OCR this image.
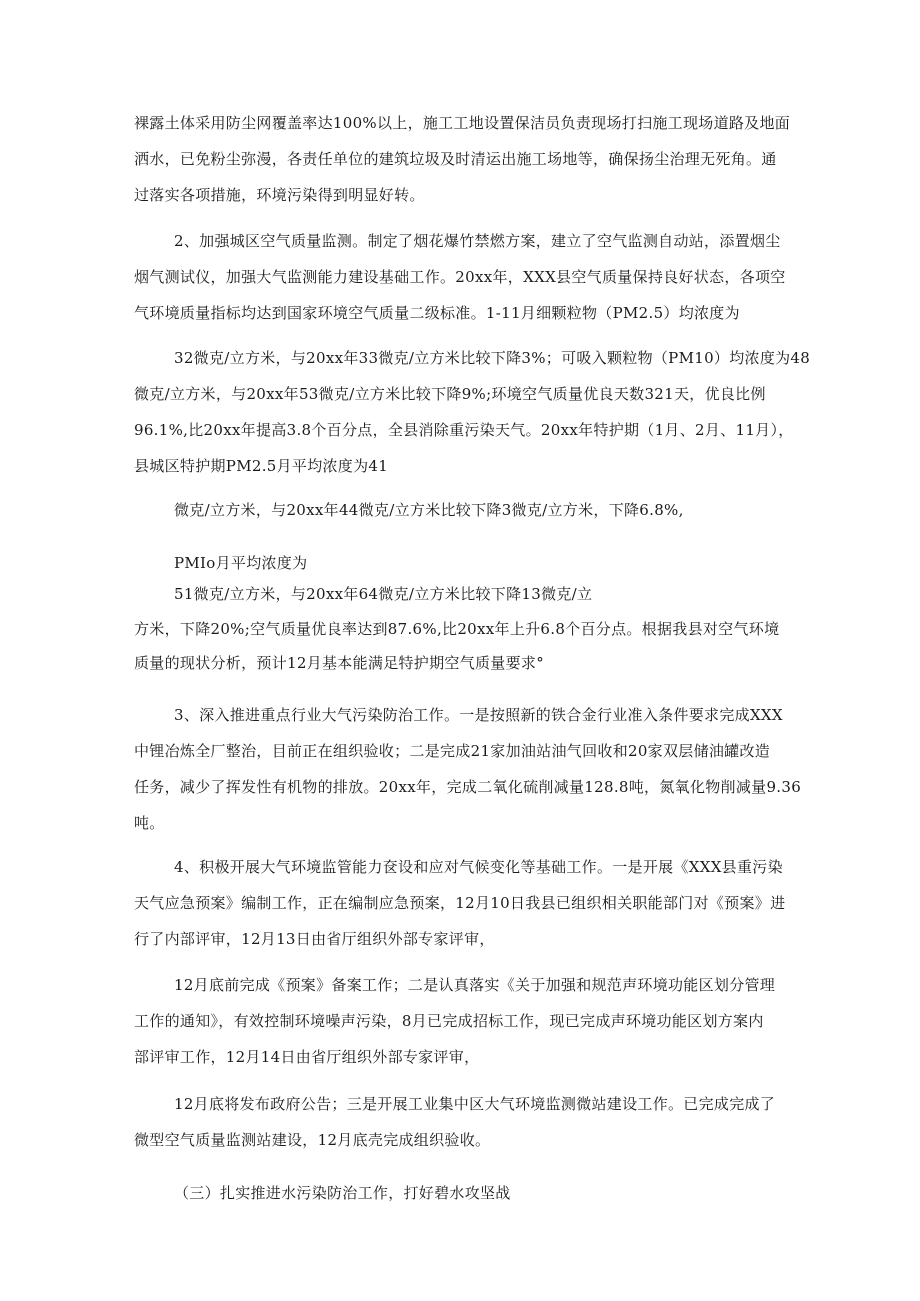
裸露土体采用防尘网覆盖率达100%以上，施工工地设置保洁员负责现场打扫施工现场道路及地面
洒水，已免粉尘弥漫，各责任单位的建筑垃圾及时清运出施工场地等，确保扬尘治理无死角。通
过落实各项措施，环境污染得到明显好转。
2、加强城区空气质量监测。制定了烟花爆竹禁燃方案，建立了空气监测自动站，添置烟尘
烟气测试仪，加强大气监测能力建设基础工作。20xx年，XXX县空气质量保持良好状态，各项空
气环境质量指标均达到国家环境空气质量二级标准。1-11月细颗粒物（PM2.5）均浓度为
32微克/立方米，与20xx年33微克/立方米比较下降3%；可吸入颗粒物（PM10）均浓度为48
微克/立方米，与20xx年53微克/立方米比较下降9%;环境空气质量优良天数321天，优良比例
96.1%,比20xx年提高3.8个百分点，全县消除重污染天气。20xx年特护期（1月、2月、11月），
县城区特护期PM2.5月平均浓度为41
微克/立方米，与20xx年44微克/立方米比较下降3微克/立方米，下降6.8%,
PMIo月平均浓度为
51微克/立方米，与20xx年64微克/立方米比较下降13微克/立
方米，下降20%;空气质量优良率达到87.6%,比20xx年上升6.8个百分点。根据我县对空气环境
质量的现状分析，预计12月基本能满足特护期空气质量要求°
3、深入推进重点行业大气污染防治工作。一是按照新的铁合金行业准入条件要求完成XXX
中锂冶炼全厂整治，目前正在组织验收；二是完成21家加油站油气回收和20家双层储油罐改造
任务，减少了挥发性有机物的排放。20xx年，完成二氧化硫削减量128.8吨，氮氧化物削减量9.36
吨。
4、积极开展大气环境监管能力奁设和应对气候变化等基础工作。一是开展《XXX县重污染
天气应急预案》编制工作，正在编制应急预案，12月10日我县已组织相关职能部门对《预案》进
行了内部评审，12月13日由省厅组织外部专家评审，
12月底前完成《预案》备案工作；二是认真落实《关于加强和规范声环境功能区划分管理
工作的通知》，有效控制环境噪声污染，8月已完成招标工作，现已完成声环境功能区划方案内
部评审工作，12月14日由省厅组织外部专家评审，
12月底将发布政府公告；三是开展工业集中区大气环境监测微站建设工作。已完成完成了
微型空气质量监测站建设，12月底壳完成组织验收。
（三）扎实推进水污染防治工作，打好碧水攻坚战
